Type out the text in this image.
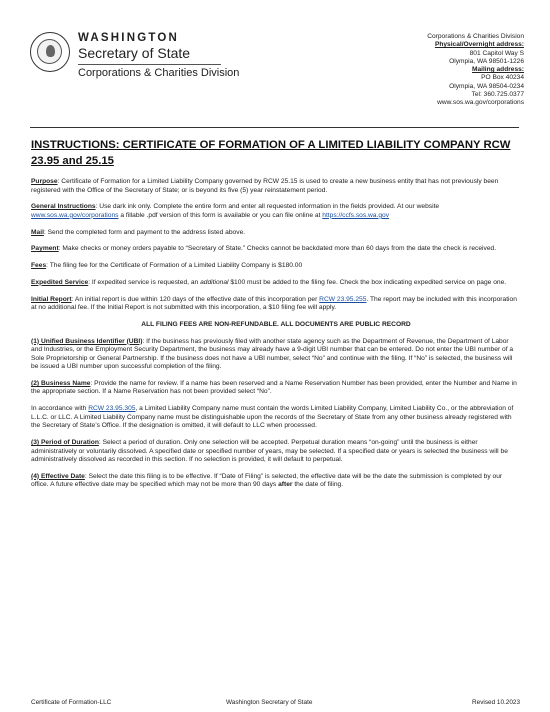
WASHINGTON
Secretary of State
Corporations & Charities Division
Corporations & Charities Division
Physical/Overnight address:
801 Capitol Way S
Olympia, WA 98501-1226
Mailing address:
PO Box 40234
Olympia, WA 98504-0234
Tel: 360.725.0377
www.sos.wa.gov/corporations
INSTRUCTIONS: CERTIFICATE OF FORMATION OF A LIMITED LIABILITY COMPANY RCW 23.95 and 25.15

Purpose: Certificate of Formation for a Limited Liability Company governed by RCW 25.15 is used to create a new business entity that has not previously been registered with the Office of the Secretary of State; or is beyond its five (5) year reinstatement period.

General Instructions: Use dark ink only. Complete the entire form and enter all requested information in the fields provided. At our website www.sos.wa.gov/corporations a fillable .pdf version of this form is available or you can file online at https://ccfs.sos.wa.gov

Mail: Send the completed form and payment to the address listed above.

Payment: Make checks or money orders payable to “Secretary of State.” Checks cannot be backdated more than 60 days from the date the check is received.

Fees: The filing fee for the Certificate of Formation of a Limited Liability Company is $180.00

Expedited Service: If expedited service is requested, an additional $100 must be added to the filing fee. Check the box indicating expedited service on page one.

Initial Report: An initial report is due within 120 days of the effective date of this incorporation per RCW 23.95.255. The report may be included with this incorporation at no additional fee. If the Initial Report is not submitted with this incorporation, a $10 filing fee will apply.

ALL FILING FEES ARE NON-REFUNDABLE. ALL DOCUMENTS ARE PUBLIC RECORD

(1) Unified Business Identifier (UBI): If the business has previously filed with another state agency such as the Department of Revenue, the Department of Labor and Industries, or the Employment Security Department, the business may already have a 9-digit UBI number that can be entered. Do not enter the UBI number of a Sole Proprietorship or General Partnership. If the business does not have a UBI number, select “No” and continue with the filing. If “No” is selected, the business will be issued a UBI number upon successful completion of the filing.

(2) Business Name: Provide the name for review. If a name has been reserved and a Name Reservation Number has been provided, enter the Number and Name in the appropriate section. If a Name Reservation has not been provided select “No”.

In accordance with RCW 23.95.305, a Limited Liability Company name must contain the words Limited Liability Company, Limited Liability Co., or the abbreviation of L.L.C. or LLC. A Limited Liability Company name must be distinguishable upon the records of the Secretary of State from any other business already registered with the Secretary of State’s Office. If the designation is omitted, it will default to LLC when processed.

(3) Period of Duration: Select a period of duration. Only one selection will be accepted. Perpetual duration means “on-going” until the business is either administratively or voluntarily dissolved. A specified date or specified number of years, may be selected. If a specified date or years is selected the business will be administratively dissolved as recorded in this section. If no selection is provided, it will default to perpetual.

(4) Effective Date: Select the date this filing is to be effective. If “Date of Filing” is selected, the effective date will be the date the submission is completed by our office. A future effective date may be specified which may not be more than 90 days after the date of filing.

Certificate of Formation-LLC	Washington Secretary of State	Revised 10.2023
